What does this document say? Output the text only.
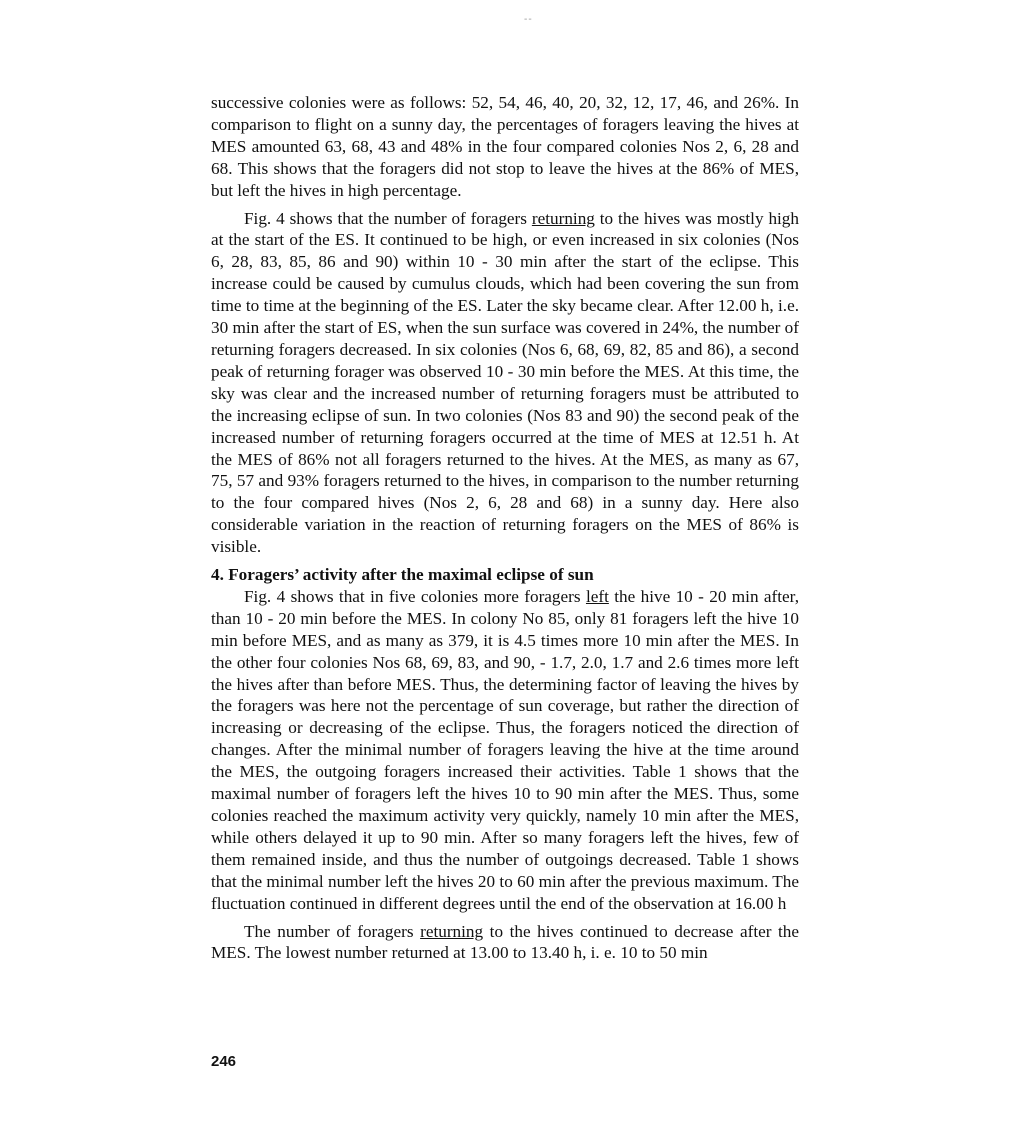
--

successive colonies were as follows: 52, 54, 46, 40, 20, 32, 12, 17, 46, and 26%. In comparison to flight on a sunny day, the percentages of foragers leaving the hives at MES amounted 63, 68, 43 and 48% in the four compared colonies Nos 2, 6, 28 and 68. This shows that the foragers did not stop to leave the hives at the 86% of MES, but left the hives in high percentage.

Fig. 4 shows that the number of foragers returning to the hives was mostly high at the start of the ES. It continued to be high, or even increased in six colonies (Nos 6, 28, 83, 85, 86 and 90) within 10 - 30 min after the start of the eclipse. This increase could be caused by cumulus clouds, which had been covering the sun from time to time at the beginning of the ES. Later the sky became clear. After 12.00 h, i.e. 30 min after the start of ES, when the sun surface was covered in 24%, the number of returning foragers decreased. In six colonies (Nos 6, 68, 69, 82, 85 and 86), a second peak of returning forager was observed 10 - 30 min before the MES. At this time, the sky was clear and the increased number of returning foragers must be attributed to the increasing eclipse of sun. In two colonies (Nos 83 and 90) the second peak of the increased number of returning foragers occurred at the time of MES at 12.51 h. At the MES of 86% not all foragers returned to the hives. At the MES, as many as 67, 75, 57 and 93% foragers returned to the hives, in comparison to the number returning to the four compared hives (Nos 2, 6, 28 and 68) in a sunny day. Here also considerable variation in the reaction of returning foragers on the MES of 86% is visible.

4. Foragers’ activity after the maximal eclipse of sun

Fig. 4 shows that in five colonies more foragers left the hive 10 - 20 min after, than 10 - 20 min before the MES. In colony No 85, only 81 foragers left the hive 10 min before MES, and as many as 379, it is 4.5 times more 10 min after the MES. In the other four colonies Nos 68, 69, 83, and 90, - 1.7, 2.0, 1.7 and 2.6 times more left the hives after than before MES. Thus, the determining factor of leaving the hives by the foragers was here not the percentage of sun coverage, but rather the direction of increasing or decreasing of the eclipse. Thus, the foragers noticed the direction of changes. After the minimal number of foragers leaving the hive at the time around the MES, the outgoing foragers increased their activities. Table 1 shows that the maximal number of foragers left the hives 10 to 90 min after the MES. Thus, some colonies reached the maximum activity very quickly, namely 10 min after the MES, while others delayed it up to 90 min. After so many foragers left the hives, few of them remained inside, and thus the number of outgoings decreased. Table 1 shows that the minimal number left the hives 20 to 60 min after the previous maximum. The fluctuation continued in different degrees until the end of the observation at 16.00 h

The number of foragers returning to the hives continued to decrease after the MES. The lowest number returned at 13.00 to 13.40 h, i. e. 10 to 50 min

246
